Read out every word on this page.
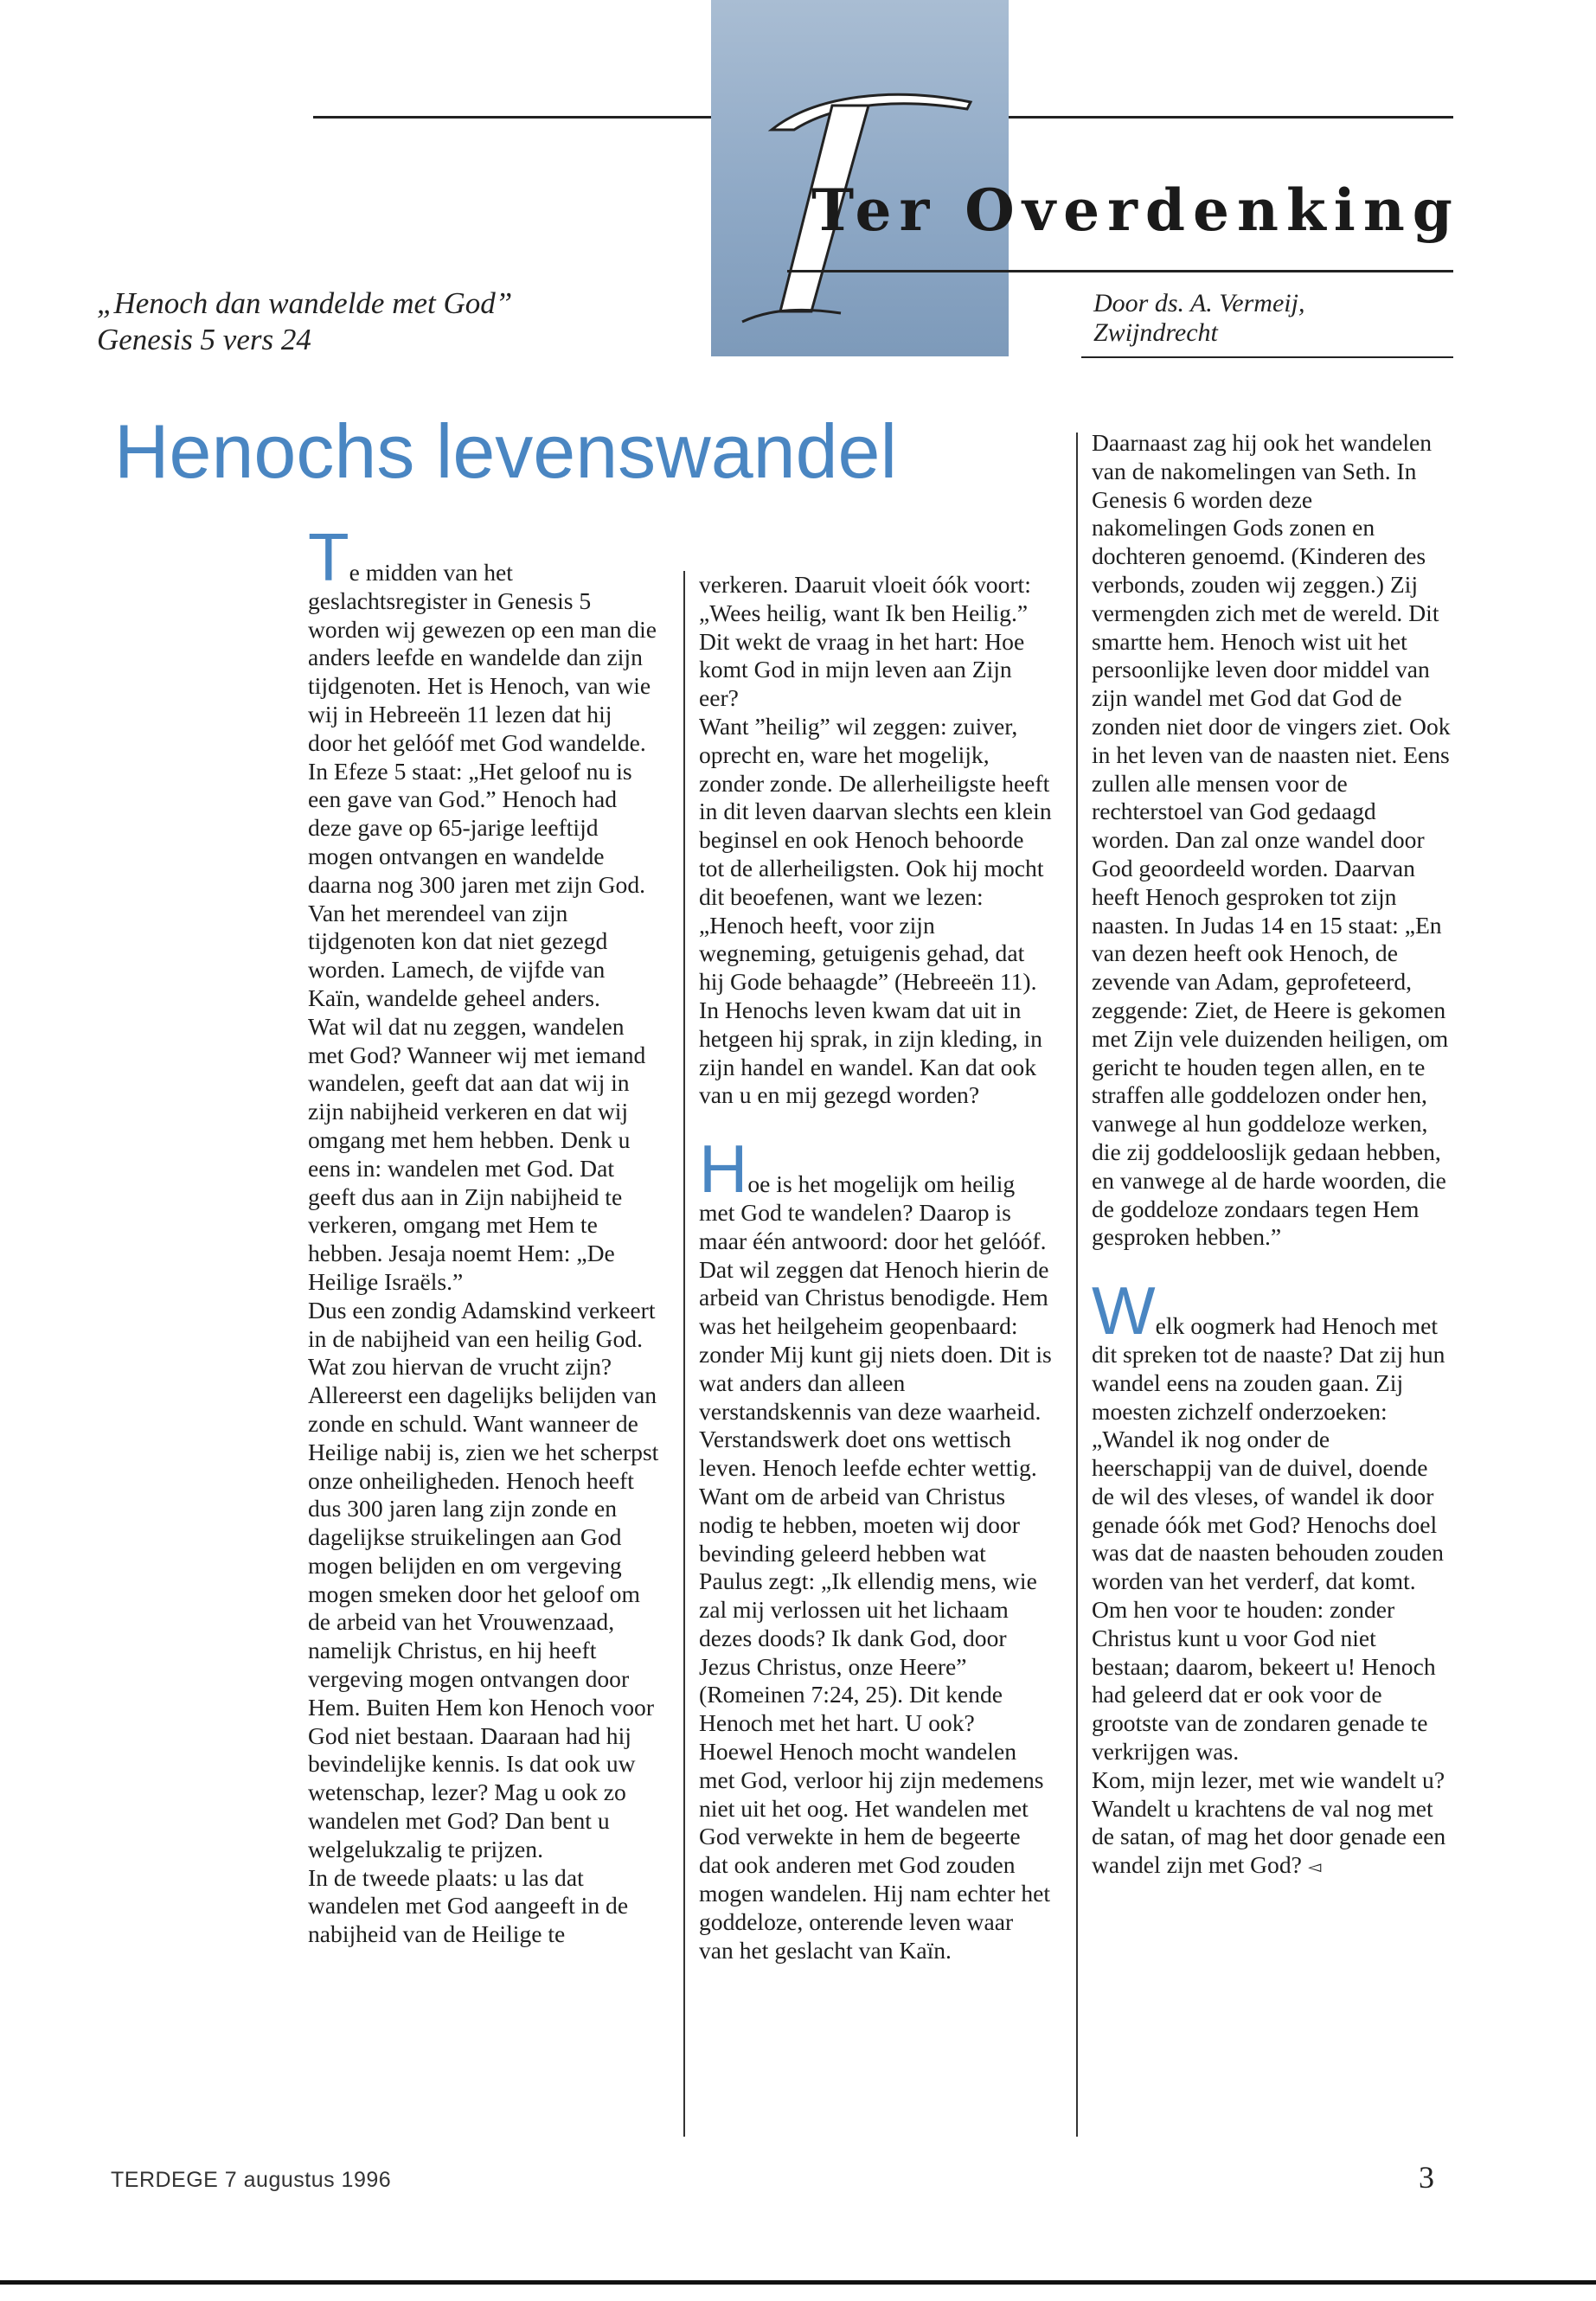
Ter Overdenking
„Henoch dan wandelde met God”
Genesis 5 vers 24
Door ds. A. Vermeij,
Zwijndrecht
Henochs levenswandel

Te midden van het geslachtsregister in Genesis 5 worden wij gewezen op een man die anders leefde en wandelde dan zijn tijdgenoten. Het is Henoch, van wie wij in Hebreeën 11 lezen dat hij door het gelóóf met God wandelde.

In Efeze 5 staat: „Het geloof nu is een gave van God.” Henoch had deze gave op 65-jarige leeftijd mogen ontvangen en wandelde daarna nog 300 jaren met zijn God. Van het merendeel van zijn tijdgenoten kon dat niet gezegd worden. Lamech, de vijfde van Kaïn, wandelde geheel anders.

Wat wil dat nu zeggen, wandelen met God? Wanneer wij met iemand wandelen, geeft dat aan dat wij in zijn nabijheid verkeren en dat wij omgang met hem hebben. Denk u eens in: wandelen met God. Dat geeft dus aan in Zijn nabijheid te verkeren, omgang met Hem te hebben. Jesaja noemt Hem: „De Heilige Israëls.”

Dus een zondig Adamskind verkeert in de nabijheid van een heilig God. Wat zou hiervan de vrucht zijn? Allereerst een dagelijks belijden van zonde en schuld. Want wanneer de Heilige nabij is, zien we het scherpst onze onheiligheden. Henoch heeft dus 300 jaren lang zijn zonde en dagelijkse struikelingen aan God mogen belijden en om vergeving mogen smeken door het geloof om de arbeid van het Vrouwenzaad, namelijk Christus, en hij heeft vergeving mogen ontvangen door Hem. Buiten Hem kon Henoch voor God niet bestaan. Daaraan had hij bevindelijke kennis. Is dat ook uw wetenschap, lezer? Mag u ook zo wandelen met God? Dan bent u welgelukzalig te prijzen.

In de tweede plaats: u las dat wandelen met God aangeeft in de nabijheid van de Heilige te

verkeren. Daaruit vloeit óók voort: „Wees heilig, want Ik ben Heilig.” Dit wekt de vraag in het hart: Hoe komt God in mijn leven aan Zijn eer?

Want ”heilig” wil zeggen: zuiver, oprecht en, ware het mogelijk, zonder zonde. De allerheiligste heeft in dit leven daarvan slechts een klein beginsel en ook Henoch behoorde tot de allerheiligsten. Ook hij mocht dit beoefenen, want we lezen: „Henoch heeft, voor zijn wegneming, getuigenis gehad, dat hij Gode behaagde” (Hebreeën 11). In Henochs leven kwam dat uit in hetgeen hij sprak, in zijn kleding, in zijn handel en wandel. Kan dat ook van u en mij gezegd worden?

Hoe is het mogelijk om heilig met God te wandelen? Daarop is maar één antwoord: door het gelóóf. Dat wil zeggen dat Henoch hierin de arbeid van Christus benodigde. Hem was het heilgeheim geopenbaard: zonder Mij kunt gij niets doen. Dit is wat anders dan alleen verstandskennis van deze waarheid. Verstandswerk doet ons wettisch leven. Henoch leefde echter wettig. Want om de arbeid van Christus nodig te hebben, moeten wij door bevinding geleerd hebben wat Paulus zegt: „Ik ellendig mens, wie zal mij verlossen uit het lichaam dezes doods? Ik dank God, door Jezus Christus, onze Heere” (Romeinen 7:24, 25). Dit kende Henoch met het hart. U ook?

Hoewel Henoch mocht wandelen met God, verloor hij zijn medemens niet uit het oog. Het wandelen met God verwekte in hem de begeerte dat ook anderen met God zouden mogen wandelen. Hij nam echter het goddeloze, onterende leven waar van het geslacht van Kaïn.

Daarnaast zag hij ook het wandelen van de nakomelingen van Seth. In Genesis 6 worden deze nakomelingen Gods zonen en dochteren genoemd. (Kinderen des verbonds, zouden wij zeggen.) Zij vermengden zich met de wereld. Dit smartte hem. Henoch wist uit het persoonlijke leven door middel van zijn wandel met God dat God de zonden niet door de vingers ziet. Ook in het leven van de naasten niet. Eens zullen alle mensen voor de rechterstoel van God gedaagd worden. Dan zal onze wandel door God geoordeeld worden. Daarvan heeft Henoch gesproken tot zijn naasten. In Judas 14 en 15 staat: „En van dezen heeft ook Henoch, de zevende van Adam, geprofeteerd, zeggende: Ziet, de Heere is gekomen met Zijn vele duizenden heiligen, om gericht te houden tegen allen, en te straffen alle goddelozen onder hen, vanwege al hun goddeloze werken, die zij goddelooslijk gedaan hebben, en vanwege al de harde woorden, die de goddeloze zondaars tegen Hem gesproken hebben.”

Welk oogmerk had Henoch met dit spreken tot de naaste? Dat zij hun wandel eens na zouden gaan. Zij moesten zichzelf onderzoeken: „Wandel ik nog onder de heerschappij van de duivel, doende de wil des vleses, of wandel ik door genade óók met God? Henochs doel was dat de naasten behouden zouden worden van het verderf, dat komt. Om hen voor te houden: zonder Christus kunt u voor God niet bestaan; daarom, bekeert u! Henoch had geleerd dat er ook voor de grootste van de zondaren genade te verkrijgen was.

Kom, mijn lezer, met wie wandelt u? Wandelt u krachtens de val nog met de satan, of mag het door genade een wandel zijn met God? ◅

TERDEGE 7 augustus 1996	3
